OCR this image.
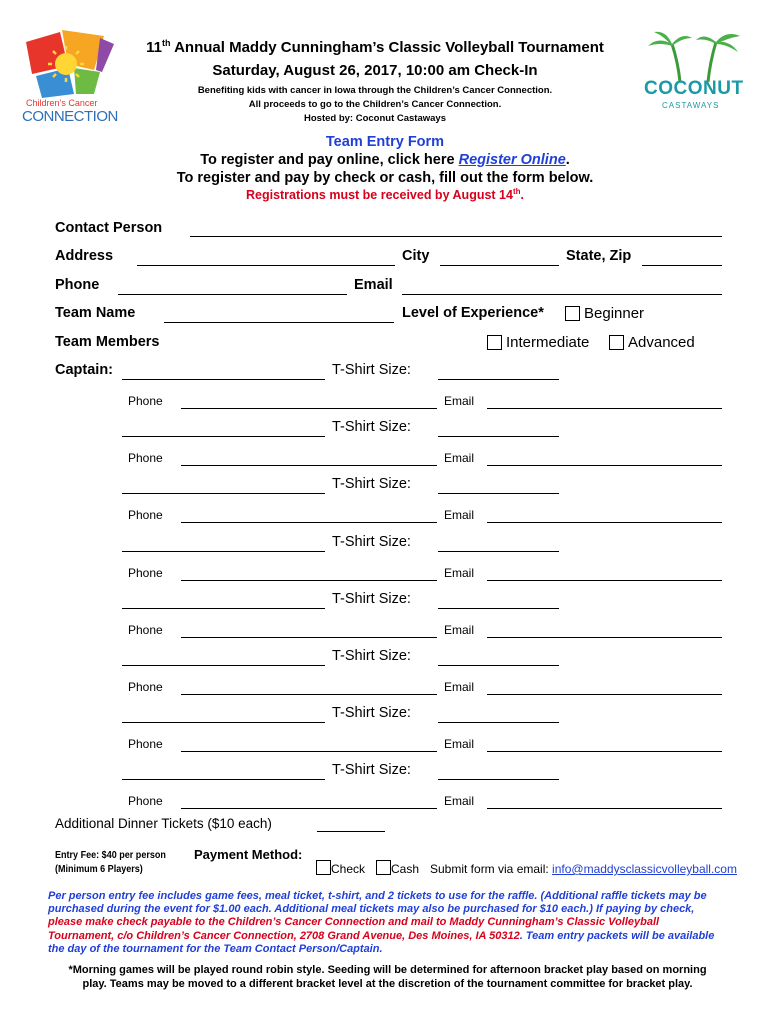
Children’s Cancer
CONNECTION
COCONUT
CASTAWAYS
11th Annual Maddy Cunningham’s Classic Volleyball Tournament
Saturday, August 26, 2017, 10:00 am Check-In
Benefiting kids with cancer in Iowa through the Children’s Cancer Connection.
All proceeds to go to the Children’s Cancer Connection.
Hosted by: Coconut Castaways
Team Entry Form
To register and pay online, click here Register Online.
To register and pay by check or cash, fill out the form below.
Registrations must be received by August 14th.
Contact Person
Address	City	State, Zip
Phone	Email
Team Name	Level of Experience*	Beginner
Team Members	Intermediate	Advanced
Captain:	T-Shirt Size:
Phone	Email
T-Shirt Size:
Phone	Email
T-Shirt Size:
Phone	Email
T-Shirt Size:
Phone	Email
T-Shirt Size:
Phone	Email
T-Shirt Size:
Phone	Email
T-Shirt Size:
Phone	Email
T-Shirt Size:
Phone	Email
Additional Dinner Tickets ($10 each)
Entry Fee: $40 per person
(Minimum 6 Players)
Payment Method:
Check Cash Submit form via email: info@maddysclassicvolleyball.com
Per person entry fee includes game fees, meal ticket, t-shirt, and 2 tickets to use for the raffle. (Additional raffle tickets may be purchased during the event for $1.00 each. Additional meal tickets may also be purchased for $10 each.) If paying by check, please make check payable to the Children’s Cancer Connection and mail to Maddy Cunningham’s Classic Volleyball Tournament, c/o Children’s Cancer Connection, 2708 Grand Avenue, Des Moines, IA 50312. Team entry packets will be available the day of the tournament for the Team Contact Person/Captain.
*Morning games will be played round robin style. Seeding will be determined for afternoon bracket play based on morning play. Teams may be moved to a different bracket level at the discretion of the tournament committee for bracket play.
